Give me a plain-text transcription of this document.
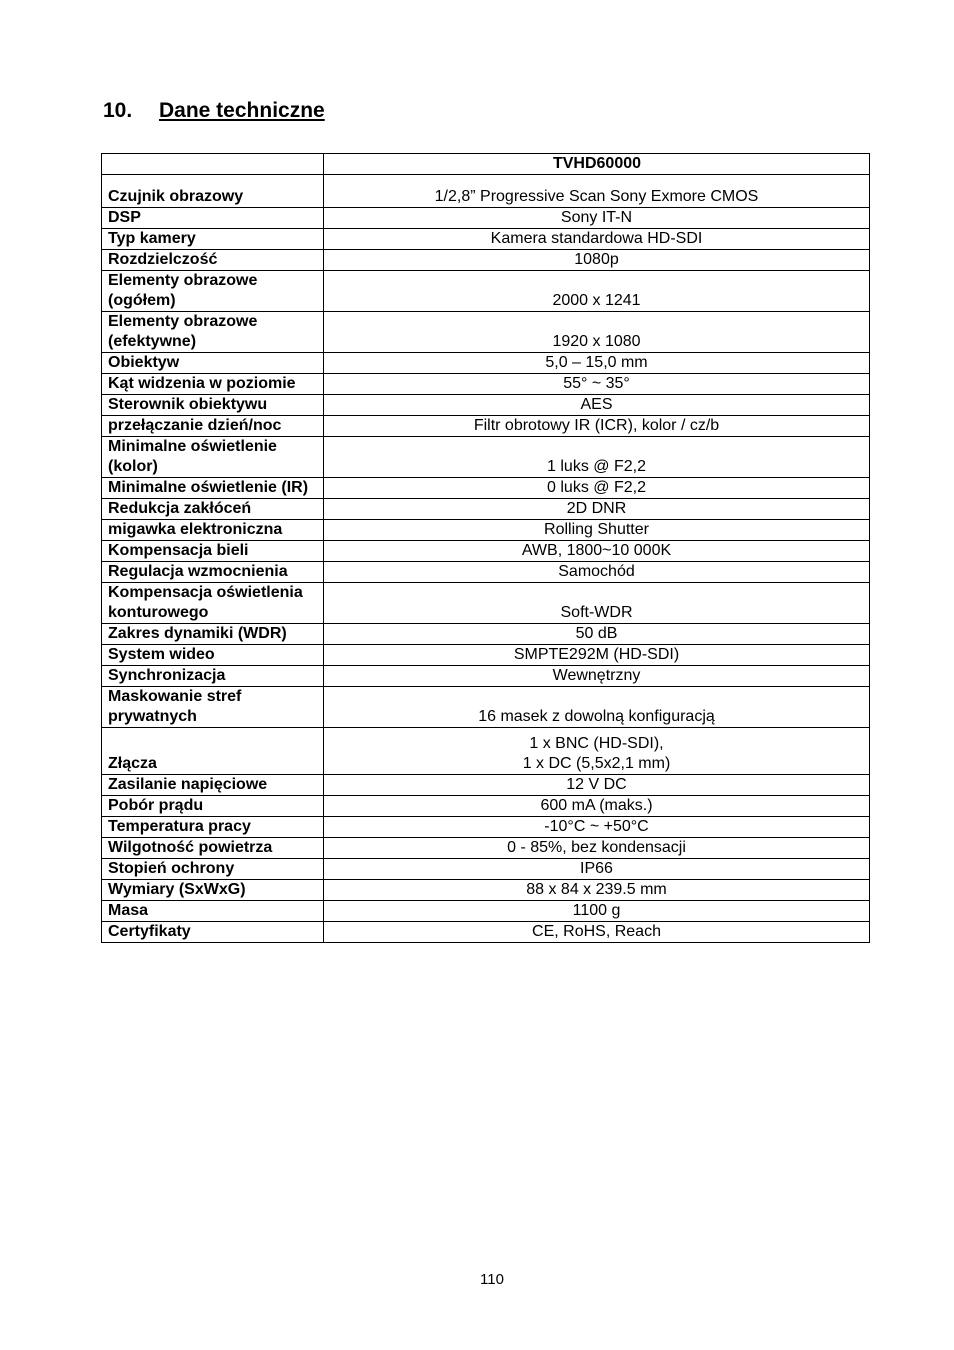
10. Dane techniczne
	TVHD60000
Czujnik obrazowy	1/2,8” Progressive Scan Sony Exmore CMOS
DSP	Sony IT-N
Typ kamery	Kamera standardowa HD-SDI
Rozdzielczość	1080p
Elementy obrazowe (ogółem)	2000 x 1241
Elementy obrazowe (efektywne)	1920 x 1080
Obiektyw	5,0 – 15,0 mm
Kąt widzenia w poziomie	55° ~ 35°
Sterownik obiektywu	AES
przełączanie dzień/noc	Filtr obrotowy IR (ICR), kolor / cz/b
Minimalne oświetlenie (kolor)	1 luks @ F2,2
Minimalne oświetlenie (IR)	0 luks @ F2,2
Redukcja zakłóceń	2D DNR
migawka elektroniczna	Rolling Shutter
Kompensacja bieli	AWB, 1800~10 000K
Regulacja wzmocnienia	Samochód
Kompensacja oświetlenia konturowego	Soft-WDR
Zakres dynamiki (WDR)	50 dB
System wideo	SMPTE292M (HD-SDI)
Synchronizacja	Wewnętrzny
Maskowanie stref prywatnych	16 masek z dowolną konfiguracją
Złącza	1 x BNC (HD-SDI),
1 x DC (5,5x2,1 mm)

Zasilanie napięciowe	12 V DC
Pobór prądu	600 mA (maks.)
Temperatura pracy	-10°C ~ +50°C
Wilgotność powietrza	0 - 85%, bez kondensacji
Stopień ochrony	IP66
Wymiary (SxWxG)	88 x 84 x 239.5 mm
Masa	1100 g
Certyfikaty	CE, RoHS, Reach
110
